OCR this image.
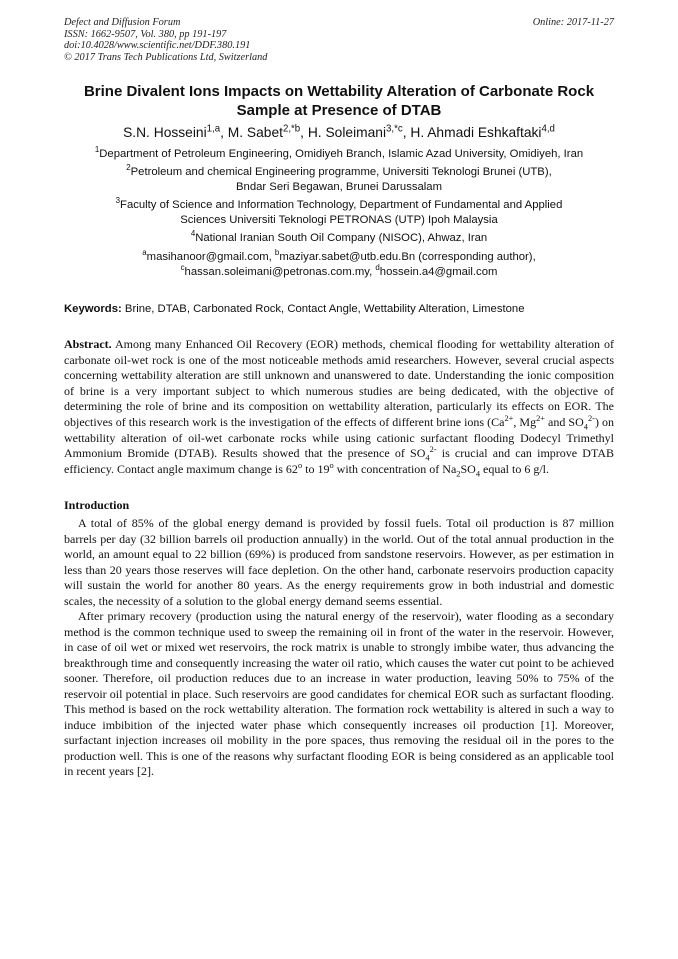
Defect and Diffusion Forum
ISSN: 1662-9507, Vol. 380, pp 191-197
doi:10.4028/www.scientific.net/DDF.380.191
© 2017 Trans Tech Publications Ltd, Switzerland
Online: 2017-11-27
Brine Divalent Ions Impacts on Wettability Alteration of Carbonate Rock Sample at Presence of DTAB
S.N. Hosseini$^{1,a}$, M. Sabet$^{2,*b}$, H. Soleimani$^{3,*c}$, H. Ahmadi Eshkaftaki$^{4,d}$
$^1$Department of Petroleum Engineering, Omidiyeh Branch, Islamic Azad University, Omidiyeh, Iran
$^2$Petroleum and chemical Engineering programme, Universiti Teknologi Brunei (UTB),
Bndar Seri Begawan, Brunei Darussalam
$^3$Faculty of Science and Information Technology, Department of Fundamental and Applied
Sciences Universiti Teknologi PETRONAS (UTP) Ipoh Malaysia
$^4$National Iranian South Oil Company (NISOC), Ahwaz, Iran
$^a$masihanoor@gmail.com, $^b$maziyar.sabet@utb.edu.Bn (corresponding author),
$^c$hassan.soleimani@petronas.com.my, $^d$hossein.a4@gmail.com
Keywords: Brine, DTAB, Carbonated Rock, Contact Angle, Wettability Alteration, Limestone
Abstract. Among many Enhanced Oil Recovery (EOR) methods, chemical flooding for wettability alteration of carbonate oil-wet rock is one of the most noticeable methods amid researchers. However, several crucial aspects concerning wettability alteration are still unknown and unanswered to date. Understanding the ionic composition of brine is a very important subject to which numerous studies are being dedicated, with the objective of determining the role of brine and its composition on wettability alteration, particularly its effects on EOR. The objectives of this research work is the investigation of the effects of different brine ions ($Ca^{2+}$, $Mg^{2+}$ and $SO_4^{2-}$) on wettability alteration of oil-wet carbonate rocks while using cationic surfactant flooding Dodecyl Trimethyl Ammonium Bromide (DTAB). Results showed that the presence of $SO_4^{2-}$ is crucial and can improve DTAB efficiency. Contact angle maximum change is 62$^o$ to 19$^o$ with concentration of $Na_2SO_4$ equal to 6 g/l.
Introduction

A total of 85% of the global energy demand is provided by fossil fuels. Total oil production is 87 million barrels per day (32 billion barrels oil production annually) in the world. Out of the total annual production in the world, an amount equal to 22 billion (69%) is produced from sandstone reservoirs. However, as per estimation in less than 20 years those reserves will face depletion. On the other hand, carbonate reservoirs production capacity will sustain the world for another 80 years. As the energy requirements grow in both industrial and domestic scales, the necessity of a solution to the global energy demand seems essential.

After primary recovery (production using the natural energy of the reservoir), water flooding as a secondary method is the common technique used to sweep the remaining oil in front of the water in the reservoir. However, in case of oil wet or mixed wet reservoirs, the rock matrix is unable to strongly imbibe water, thus advancing the breakthrough time and consequently increasing the water oil ratio, which causes the water cut point to be achieved sooner. Therefore, oil production reduces due to an increase in water production, leaving 50% to 75% of the reservoir oil potential in place. Such reservoirs are good candidates for chemical EOR such as surfactant flooding. This method is based on the rock wettability alteration. The formation rock wettability is altered in such a way to induce imbibition of the injected water phase which consequently increases oil production [1]. Moreover, surfactant injection increases oil mobility in the pore spaces, thus removing the residual oil in the pores to the production well. This is one of the reasons why surfactant flooding EOR is being considered as an applicable tool in recent years [2].
